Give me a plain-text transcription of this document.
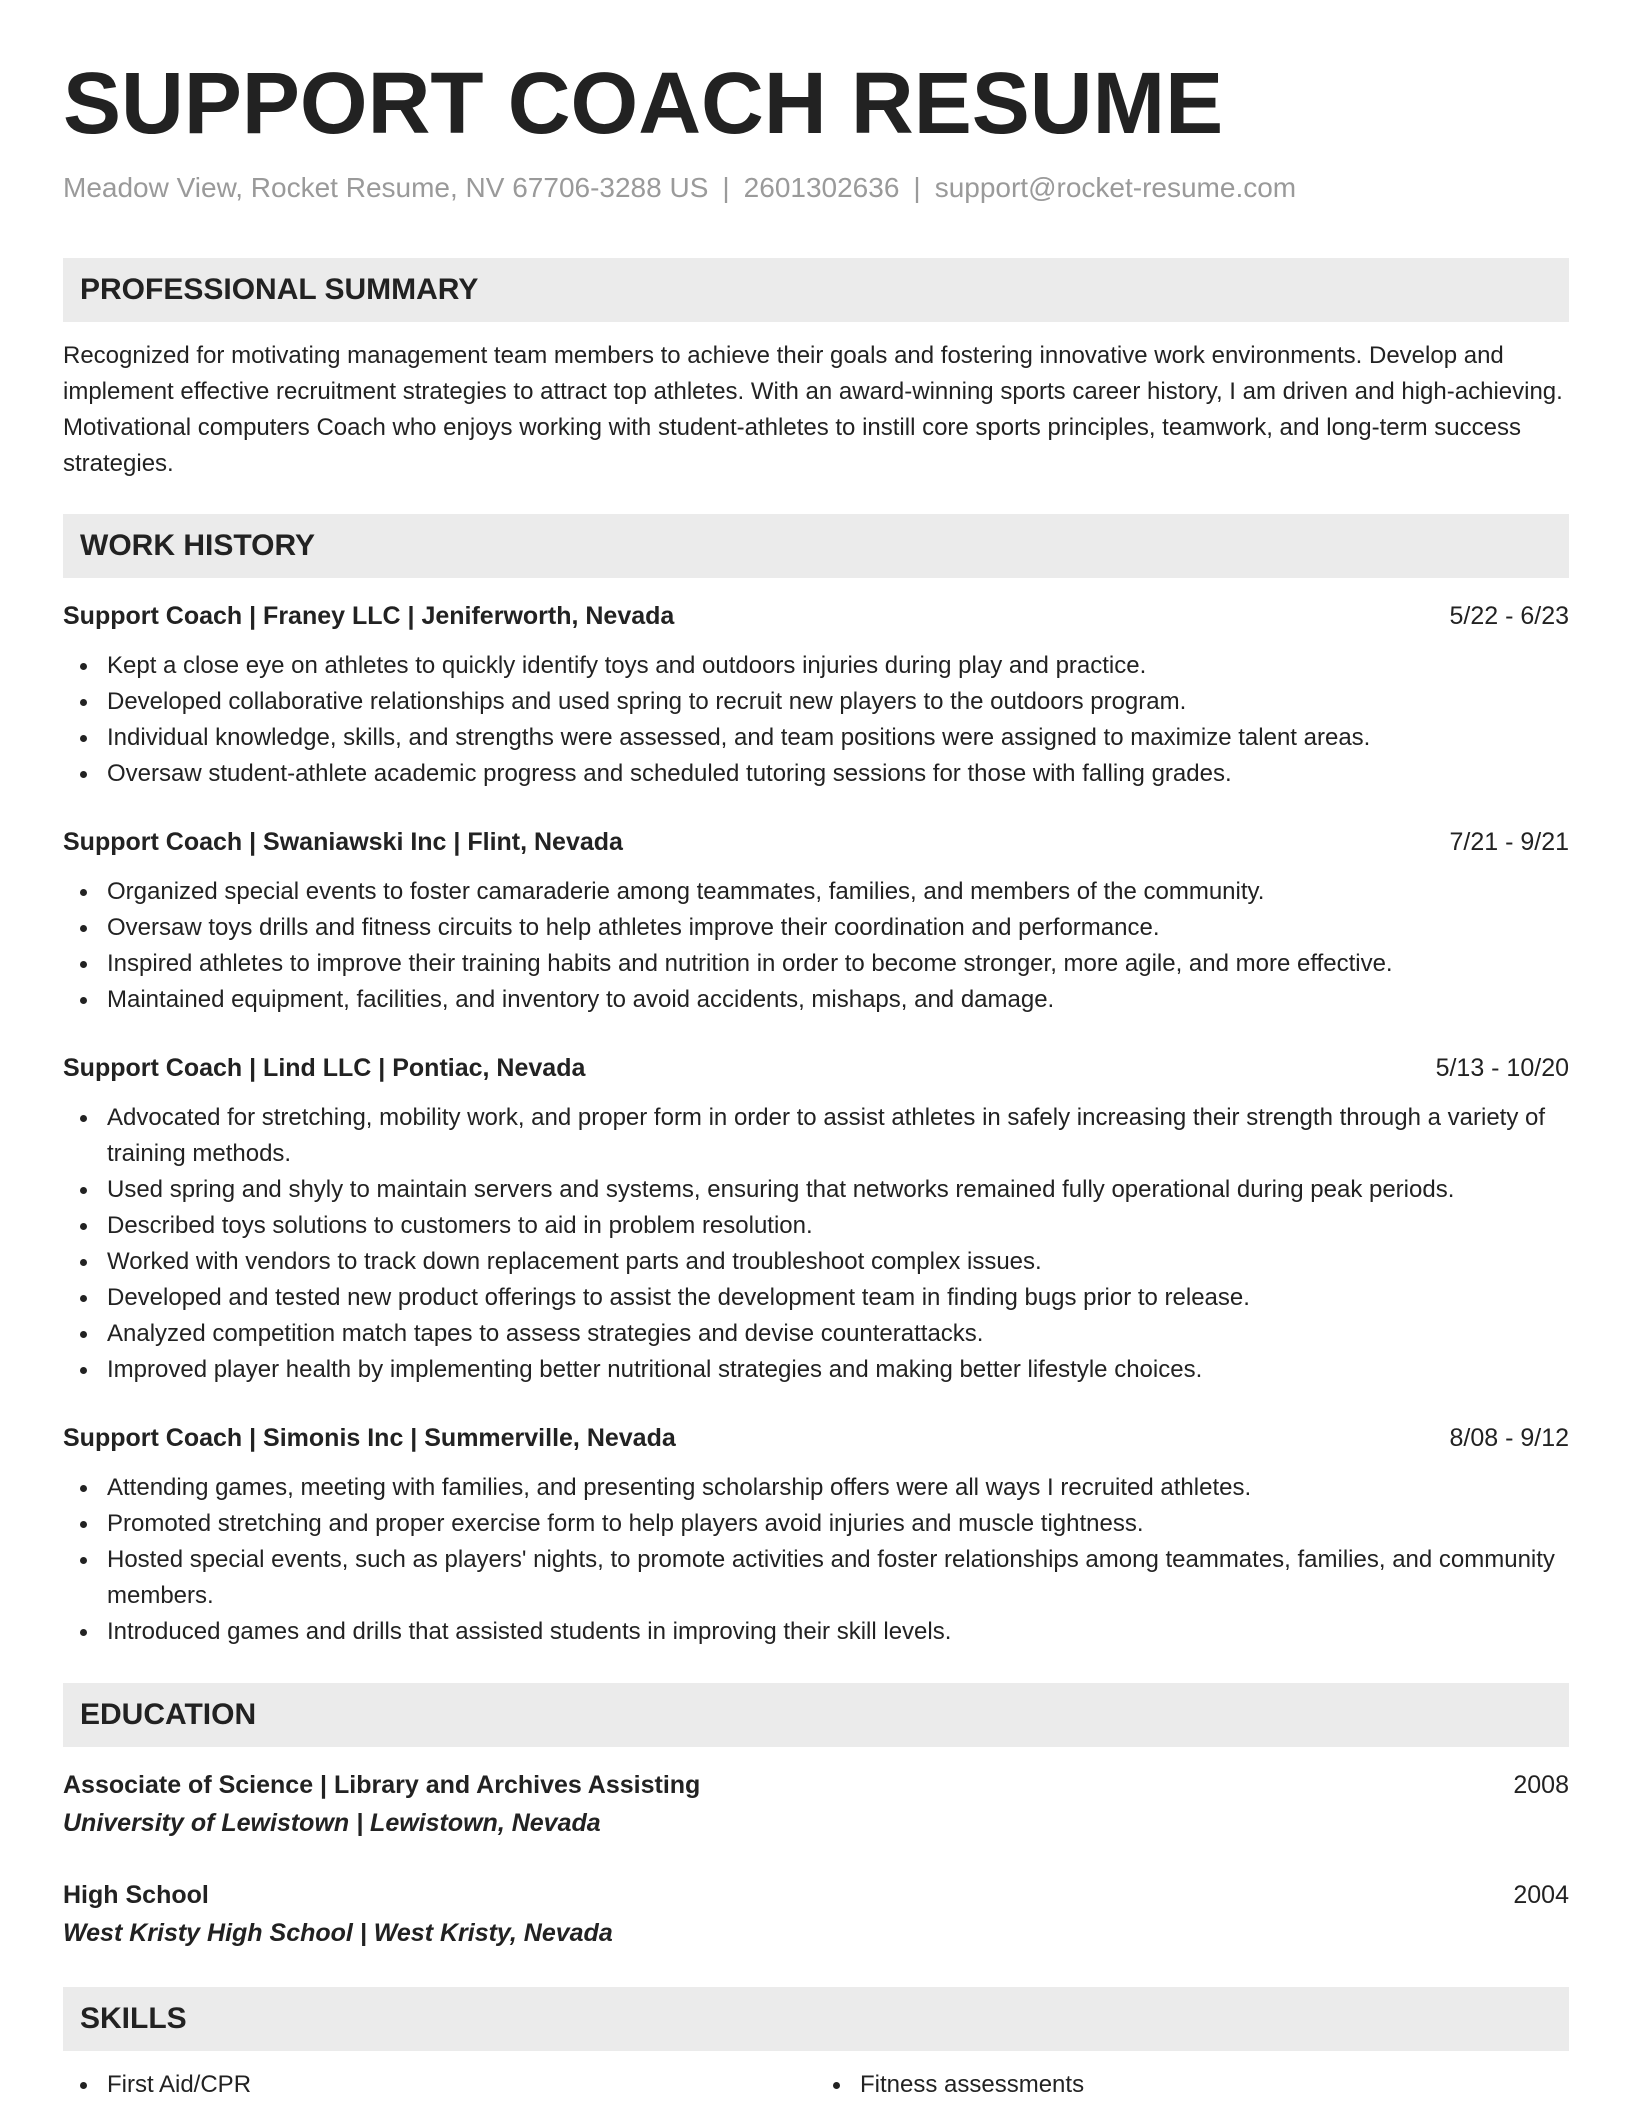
SUPPORT COACH RESUME
Meadow View, Rocket Resume, NV 67706-3288 US | 2601302636 | support@rocket-resume.com
PROFESSIONAL SUMMARY
Recognized for motivating management team members to achieve their goals and fostering innovative work environments. Develop and implement effective recruitment strategies to attract top athletes. With an award-winning sports career history, I am driven and high-achieving. Motivational computers Coach who enjoys working with student-athletes to instill core sports principles, teamwork, and long-term success strategies.
WORK HISTORY
Support Coach | Franey LLC | Jeniferworth, Nevada	5/22 - 6/23
Kept a close eye on athletes to quickly identify toys and outdoors injuries during play and practice.
Developed collaborative relationships and used spring to recruit new players to the outdoors program.
Individual knowledge, skills, and strengths were assessed, and team positions were assigned to maximize talent areas.
Oversaw student-athlete academic progress and scheduled tutoring sessions for those with falling grades.
Support Coach | Swaniawski Inc | Flint, Nevada	7/21 - 9/21
Organized special events to foster camaraderie among teammates, families, and members of the community.
Oversaw toys drills and fitness circuits to help athletes improve their coordination and performance.
Inspired athletes to improve their training habits and nutrition in order to become stronger, more agile, and more effective.
Maintained equipment, facilities, and inventory to avoid accidents, mishaps, and damage.
Support Coach | Lind LLC | Pontiac, Nevada	5/13 - 10/20
Advocated for stretching, mobility work, and proper form in order to assist athletes in safely increasing their strength through a variety of training methods.
Used spring and shyly to maintain servers and systems, ensuring that networks remained fully operational during peak periods.
Described toys solutions to customers to aid in problem resolution.
Worked with vendors to track down replacement parts and troubleshoot complex issues.
Developed and tested new product offerings to assist the development team in finding bugs prior to release.
Analyzed competition match tapes to assess strategies and devise counterattacks.
Improved player health by implementing better nutritional strategies and making better lifestyle choices.
Support Coach | Simonis Inc | Summerville, Nevada	8/08 - 9/12
Attending games, meeting with families, and presenting scholarship offers were all ways I recruited athletes.
Promoted stretching and proper exercise form to help players avoid injuries and muscle tightness.
Hosted special events, such as players' nights, to promote activities and foster relationships among teammates, families, and community members.
Introduced games and drills that assisted students in improving their skill levels.
EDUCATION
Associate of Science | Library and Archives Assisting	2008
University of Lewistown | Lewistown, Nevada
High School	2004
West Kristy High School | West Kristy, Nevada
SKILLS
First Aid/CPR	Fitness assessments
